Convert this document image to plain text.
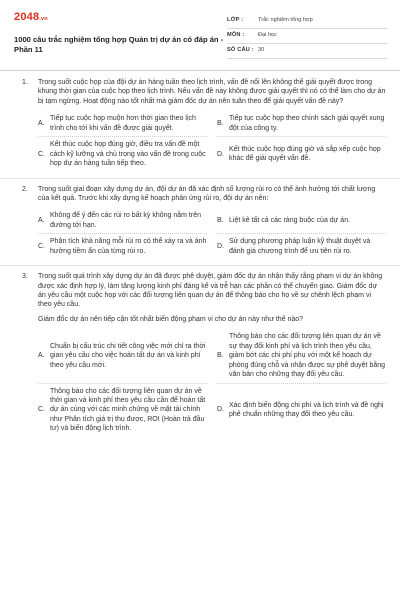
2048.vn
1000 câu trắc nghiệm tổng hợp Quản trị dự án có đáp án - Phần 11
LỚP :	Trắc nghiệm tổng hợp
MÔN :	Đại học
SỐ CÂU : 30
1.	Trong suốt cuộc họp của đội dự án hàng tuần theo lịch trình, vấn đề nổi lên không thể giải quyết được trong khung thời gian của cuộc họp theo lịch trình. Nếu vấn đề này không được giải quyết thì nó có thể làm cho dự án bị tạm ngừng. Hoạt động nào tốt nhất mà giám đốc dự án nên tuân theo để giải quyết vấn đề này?
A.
Tiếp tục cuộc họp muộn hơn thời gian theo lịch trình cho tới khi vấn đề được giải quyết.
B.
Tiếp tục cuộc họp theo chính sách giải quyết xung đột của công ty.
C.
Kết thúc cuộc họp đúng giờ, điều tra vấn đề một cách kỹ lưỡng và chủ trọng vào vấn đề trong cuộc họp dự án hàng tuần tiếp theo.
D.
Kết thúc cuộc họp đúng giờ và sắp xếp cuộc họp khác để giải quyết vấn đề.
2.	Trong suốt giai đoạn xây dựng dự án, đội dự án đã xác định số lượng rủi ro có thể ảnh hưởng tới chất lượng của kết quả. Trước khi xây dựng kế hoạch phản ứng rủi ro, đội dự án nên:
A.
Không để ý đến các rủi ro bất kỳ không nằm trên đường tới hạn.
B. Liệt kê tất cả các ràng buộc của dự án.
C.
Phân tích khả năng mỗi rủi ro có thể xảy ra và ảnh hưởng tiềm ẩn của từng rủi ro.
D.
Sử dụng phương pháp luận kỹ thuật duyệt và đánh giá chương trình để ưu tiên rủi ro.
3.	Trong suốt quá trình xây dựng dự án đã được phê duyệt, giám đốc dự án nhận thấy rằng phạm vi dự án không được xác định hợp lý, làm tăng lượng kinh phí đáng kể và trễ hạn các phần có thể chuyển giao. Giám đốc dự án yêu cầu một cuộc họp với các đối tượng liên quan dự án để thông báo cho họ về sự chênh lệch phạm vi theo yêu cầu.
Giám đốc dự án nên tiếp cận tốt nhất biến động phạm vi cho dự án này như thế nào?
A.
Chuẩn bị cấu trúc chi tiết công việc mới chỉ ra thời gian yêu cầu cho việc hoàn tất dự án và kinh phí theo yêu cầu mới.
B.
Thông báo cho các đối tượng liên quan dự án về sự thay đổi kinh phí và lịch trình theo yêu cầu, giảm bớt các chi phí phụ với một kế hoạch dự phòng đúng chỗ và nhận được sự phê duyệt bằng văn bản cho những thay đổi yêu cầu.
C.
Thông báo cho các đối tượng liên quan dự án về thời gian và kinh phí theo yêu cầu cần để hoàn tất dự án cùng với các minh chứng về mặt tài chính như Phân tích giá trị thu được, ROI (Hoàn trả đầu tư) và biến động lịch trình.
D.
Xác định biến động chi phí và lịch trình và đề nghị phê chuẩn những thay đổi theo yêu cầu.
